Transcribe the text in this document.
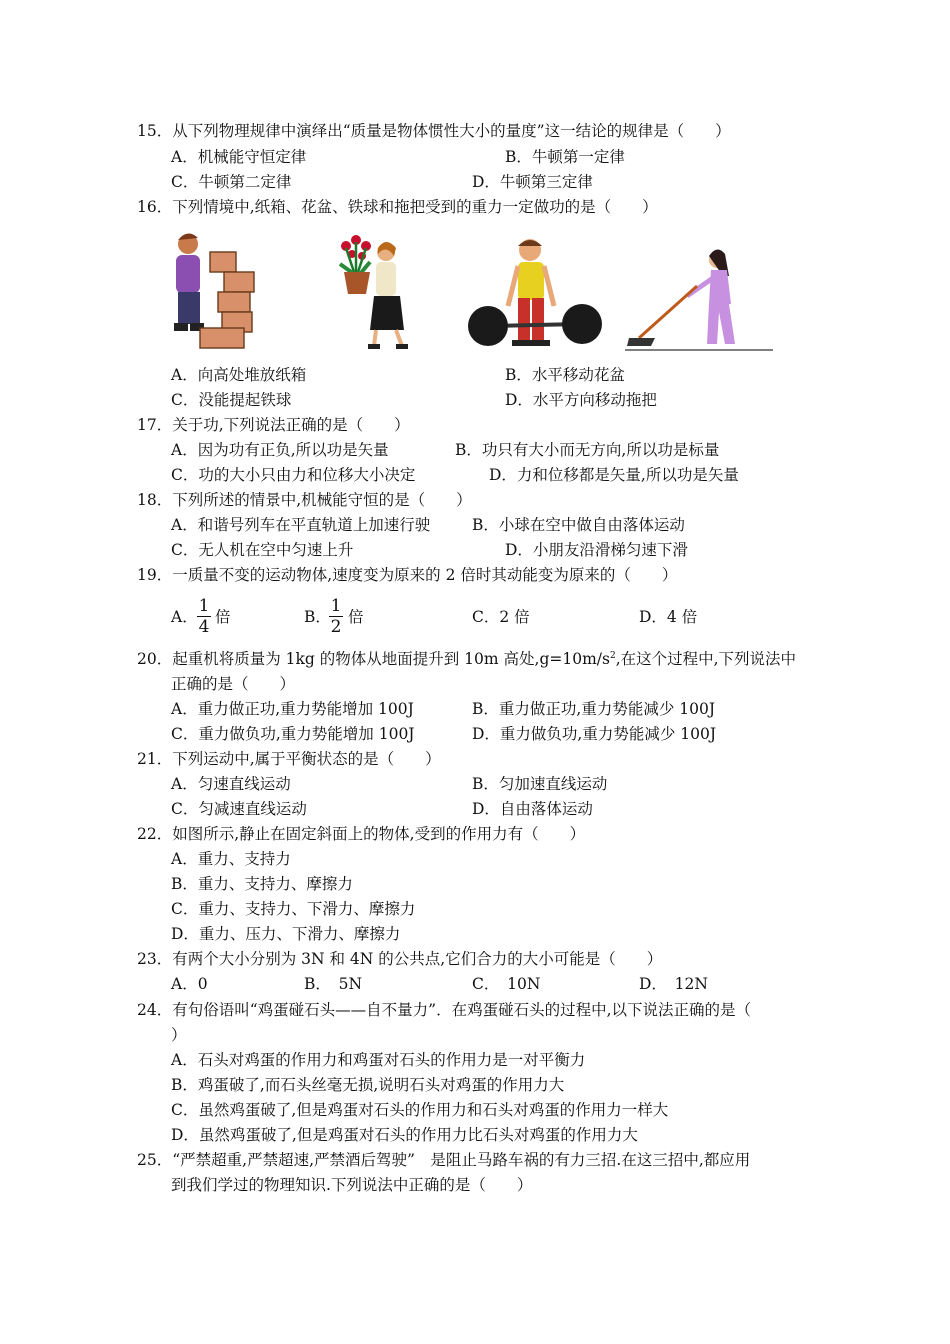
15．从下列物理规律中演绎出“质量是物体惯性大小的量度”这一结论的规律是（　　）
A．机械能守恒定律	B．牛顿第一定律
C．牛顿第二定律	D．牛顿第三定律
16．下列情境中,纸箱、花盆、铁球和拖把受到的重力一定做功的是（　　）
A．向高处堆放纸箱	B．水平移动花盆
C．没能提起铁球	D．水平方向移动拖把
17．关于功,下列说法正确的是（　　）
A．因为功有正负,所以功是矢量	B．功只有大小而无方向,所以功是标量
C．功的大小只由力和位移大小决定	D．力和位移都是矢量,所以功是矢量
18．下列所述的情景中,机械能守恒的是（　　）
A．和谐号列车在平直轨道上加速行驶	B．小球在空中做自由落体运动
C．无人机在空中匀速上升	D．小朋友沿滑梯匀速下滑
19．一质量不变的运动物体,速度变为原来的 2 倍时其动能变为原来的（　　）
A．
1
4 倍	B．
1
2 倍	C．2 倍	D．4 倍
20．起重机将质量为 1kg 的物体从地面提升到 10m 高处$,g=10m/s^2$,在这个过程中,下列说法中
正确的是（　　）
A．重力做正功,重力势能增加 100J	B．重力做正功,重力势能减少 100J
C．重力做负功,重力势能增加 100J	D．重力做负功,重力势能减少 100J
21．下列运动中,属于平衡状态的是（　　）
A．匀速直线运动	B．匀加速直线运动
C．匀减速直线运动	D．自由落体运动
22．如图所示,静止在固定斜面上的物体,受到的作用力有（　　）
A．重力、支持力
B．重力、支持力、摩擦力
C．重力、支持力、下滑力、摩擦力
D．重力、压力、下滑力、摩擦力
23．有两个大小分别为 3N 和 4N 的公共点,它们合力的大小可能是（　　）
A．0	B．　5N	C．　10N	D．　12N
24．有句俗语叫“鸡蛋碰石头——自不量力”．在鸡蛋碰石头的过程中,以下说法正确的是（
）
A．石头对鸡蛋的作用力和鸡蛋对石头的作用力是一对平衡力
B．鸡蛋破了,而石头丝毫无损,说明石头对鸡蛋的作用力大
C．虽然鸡蛋破了,但是鸡蛋对石头的作用力和石头对鸡蛋的作用力一样大
D．虽然鸡蛋破了,但是鸡蛋对石头的作用力比石头对鸡蛋的作用力大
25．“严禁超重,严禁超速,严禁酒后驾驶”　是阻止马路车祸的有力三招.在这三招中,都应用
到我们学过的物理知识.下列说法中正确的是（　　）
